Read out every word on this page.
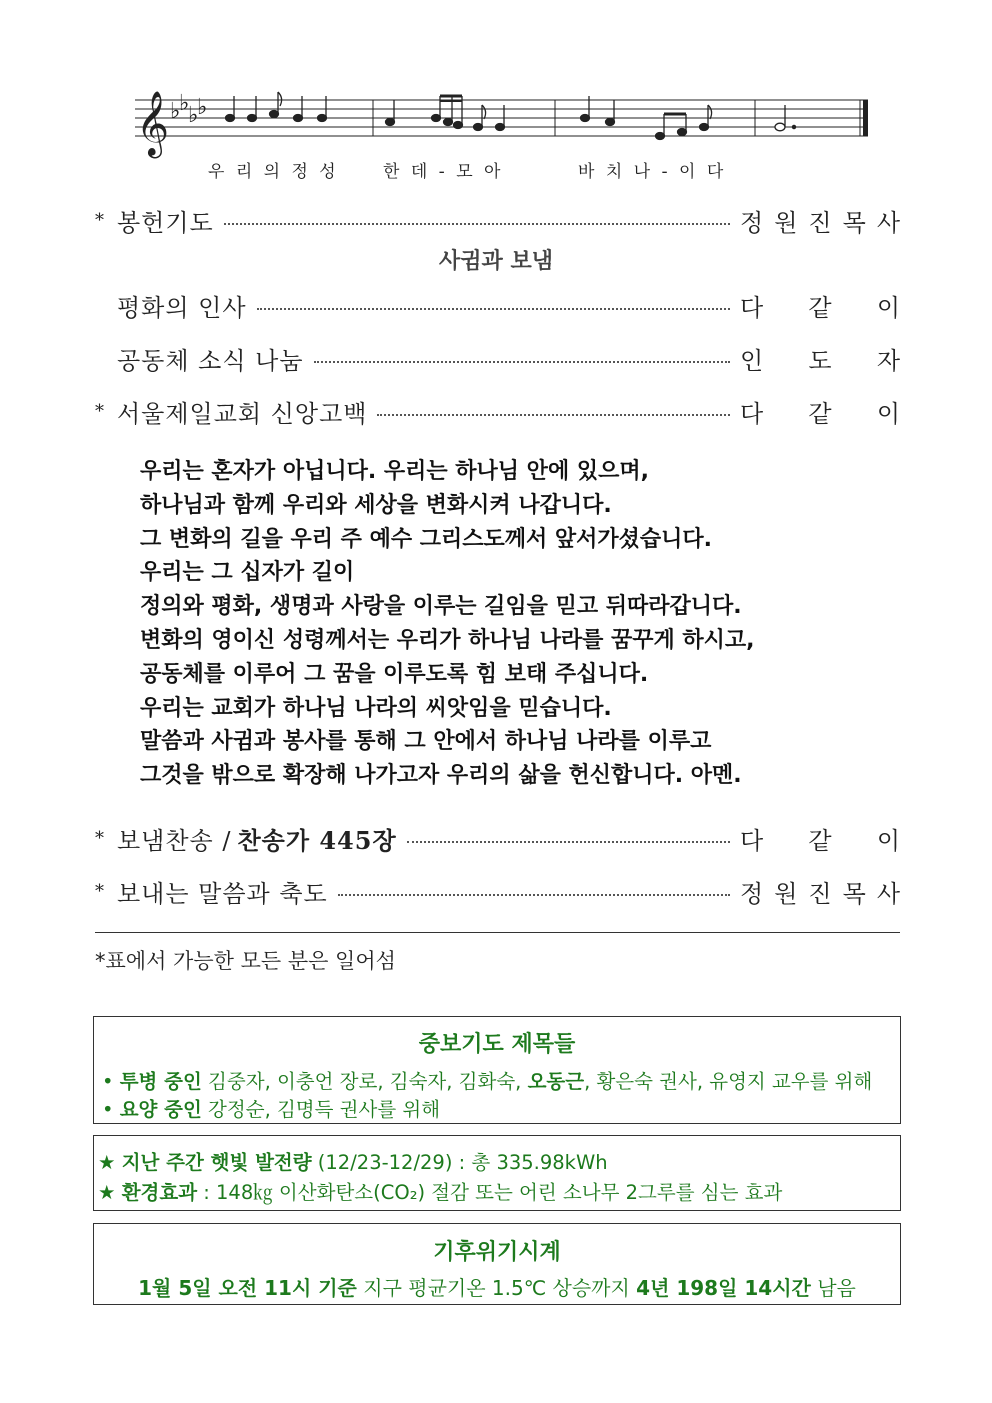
𝄞 ♭
♭
♭
♭
우 리 의 정 성	한 데 - 모 아	바 치 나 - 이 다
* 봉헌기도	정 원 진 목 사
사귐과 보냄
평화의 인사	다 같 이
공동체 소식 나눔	인 도 자
* 서울제일교회 신앙고백	다 같 이
우리는 혼자가 아닙니다. 우리는 하나님 안에 있으며,
하나님과 함께 우리와 세상을 변화시켜 나갑니다.
그 변화의 길을 우리 주 예수 그리스도께서 앞서가셨습니다.
우리는 그 십자가 길이
정의와 평화, 생명과 사랑을 이루는 길임을 믿고 뒤따라갑니다.
변화의 영이신 성령께서는 우리가 하나님 나라를 꿈꾸게 하시고,
공동체를 이루어 그 꿈을 이루도록 힘 보태 주십니다.
우리는 교회가 하나님 나라의 씨앗임을 믿습니다.
말씀과 사귐과 봉사를 통해 그 안에서 하나님 나라를 이루고
그것을 밖으로 확장해 나가고자 우리의 삶을 헌신합니다. 아멘.
* 보냄찬송 / 찬송가 445장	다 같 이
* 보내는 말씀과 축도	정 원 진 목 사
*표에서 가능한 모든 분은 일어섬
중보기도 제목들
• 투병 중인 김중자, 이충언 장로, 김숙자, 김화숙, 오동근, 황은숙 권사, 유영지 교우를 위해
• 요양 중인 강정순, 김명득 권사를 위해
★ 지난 주간 햇빛 발전량 (12/23-12/29) : 총 335.98kWh
★ 환경효과 : 148㎏ 이산화탄소(CO₂) 절감 또는 어린 소나무 2그루를 심는 효과
기후위기시계
1월 5일 오전 11시 기준 지구 평균기온 1.5℃ 상승까지 4년 198일 14시간 남음
